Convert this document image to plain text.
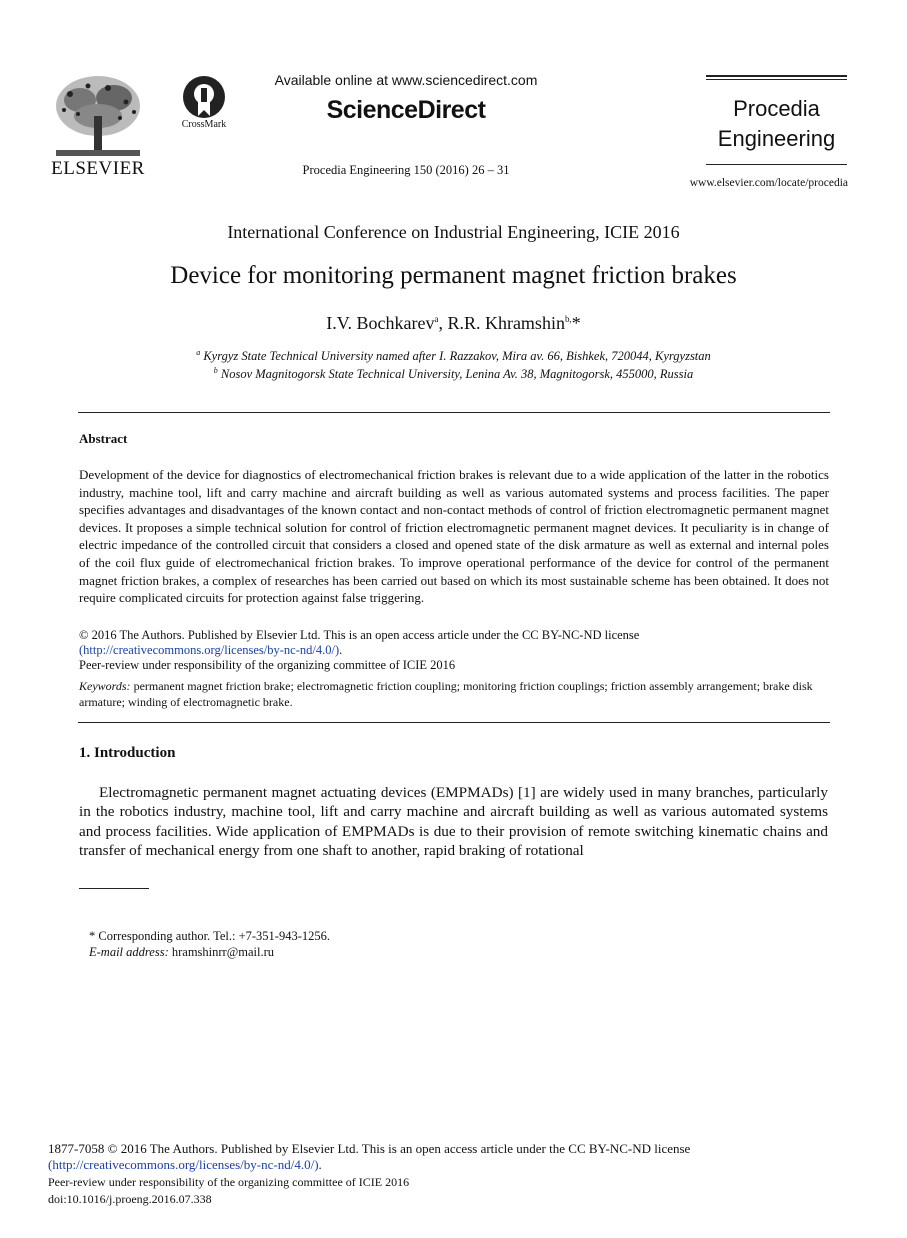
ELSEVIER
CrossMark
Available online at www.sciencedirect.com
ScienceDirect
Procedia Engineering 150 (2016) 26 – 31
Procedia
Engineering
www.elsevier.com/locate/procedia
International Conference on Industrial Engineering, ICIE 2016
Device for monitoring permanent magnet friction brakes
I.V. Bochkarev$^a$, R.R. Khramshin$^{b,}$*
$^a$ Kyrgyz State Technical University named after I. Razzakov, Mira av. 66, Bishkek, 720044, Kyrgyzstan
$^b$ Nosov Magnitogorsk State Technical University, Lenina Av. 38, Magnitogorsk, 455000, Russia
Abstract
Development of the device for diagnostics of electromechanical friction brakes is relevant due to a wide application of the latter in the robotics industry, machine tool, lift and carry machine and aircraft building as well as various automated systems and process facilities. The paper specifies advantages and disadvantages of the known contact and non-contact methods of control of friction electromagnetic permanent magnet devices. It proposes a simple technical solution for control of friction electromagnetic permanent magnet devices. It peculiarity is in change of electric impedance of the controlled circuit that considers a closed and opened state of the disk armature as well as external and internal poles of the coil flux guide of electromechanical friction brakes. To improve operational performance of the device for control of the permanent magnet friction brakes, a complex of researches has been carried out based on which its most sustainable scheme has been obtained. It does not require complicated circuits for protection against false triggering.
© 2016 The Authors. Published by Elsevier Ltd. This is an open access article under the CC BY-NC-ND license
(http://creativecommons.org/licenses/by-nc-nd/4.0/).
Peer-review under responsibility of the organizing committee of ICIE 2016
Keywords: permanent magnet friction brake; electromagnetic friction coupling; monitoring friction couplings; friction assembly arrangement; brake disk armature; winding of electromagnetic brake.
1. Introduction
Electromagnetic permanent magnet actuating devices (EMPMADs) [1] are widely used in many branches, particularly in the robotics industry, machine tool, lift and carry machine and aircraft building as well as various automated systems and process facilities. Wide application of EMPMADs is due to their provision of remote switching kinematic chains and transfer of mechanical energy from one shaft to another, rapid braking of rotational
* Corresponding author. Tel.: +7-351-943-1256.
E-mail address: hramshinrr@mail.ru
1877-7058 © 2016 The Authors. Published by Elsevier Ltd. This is an open access article under the CC BY-NC-ND license
(http://creativecommons.org/licenses/by-nc-nd/4.0/).
Peer-review under responsibility of the organizing committee of ICIE 2016
doi:10.1016/j.proeng.2016.07.338
